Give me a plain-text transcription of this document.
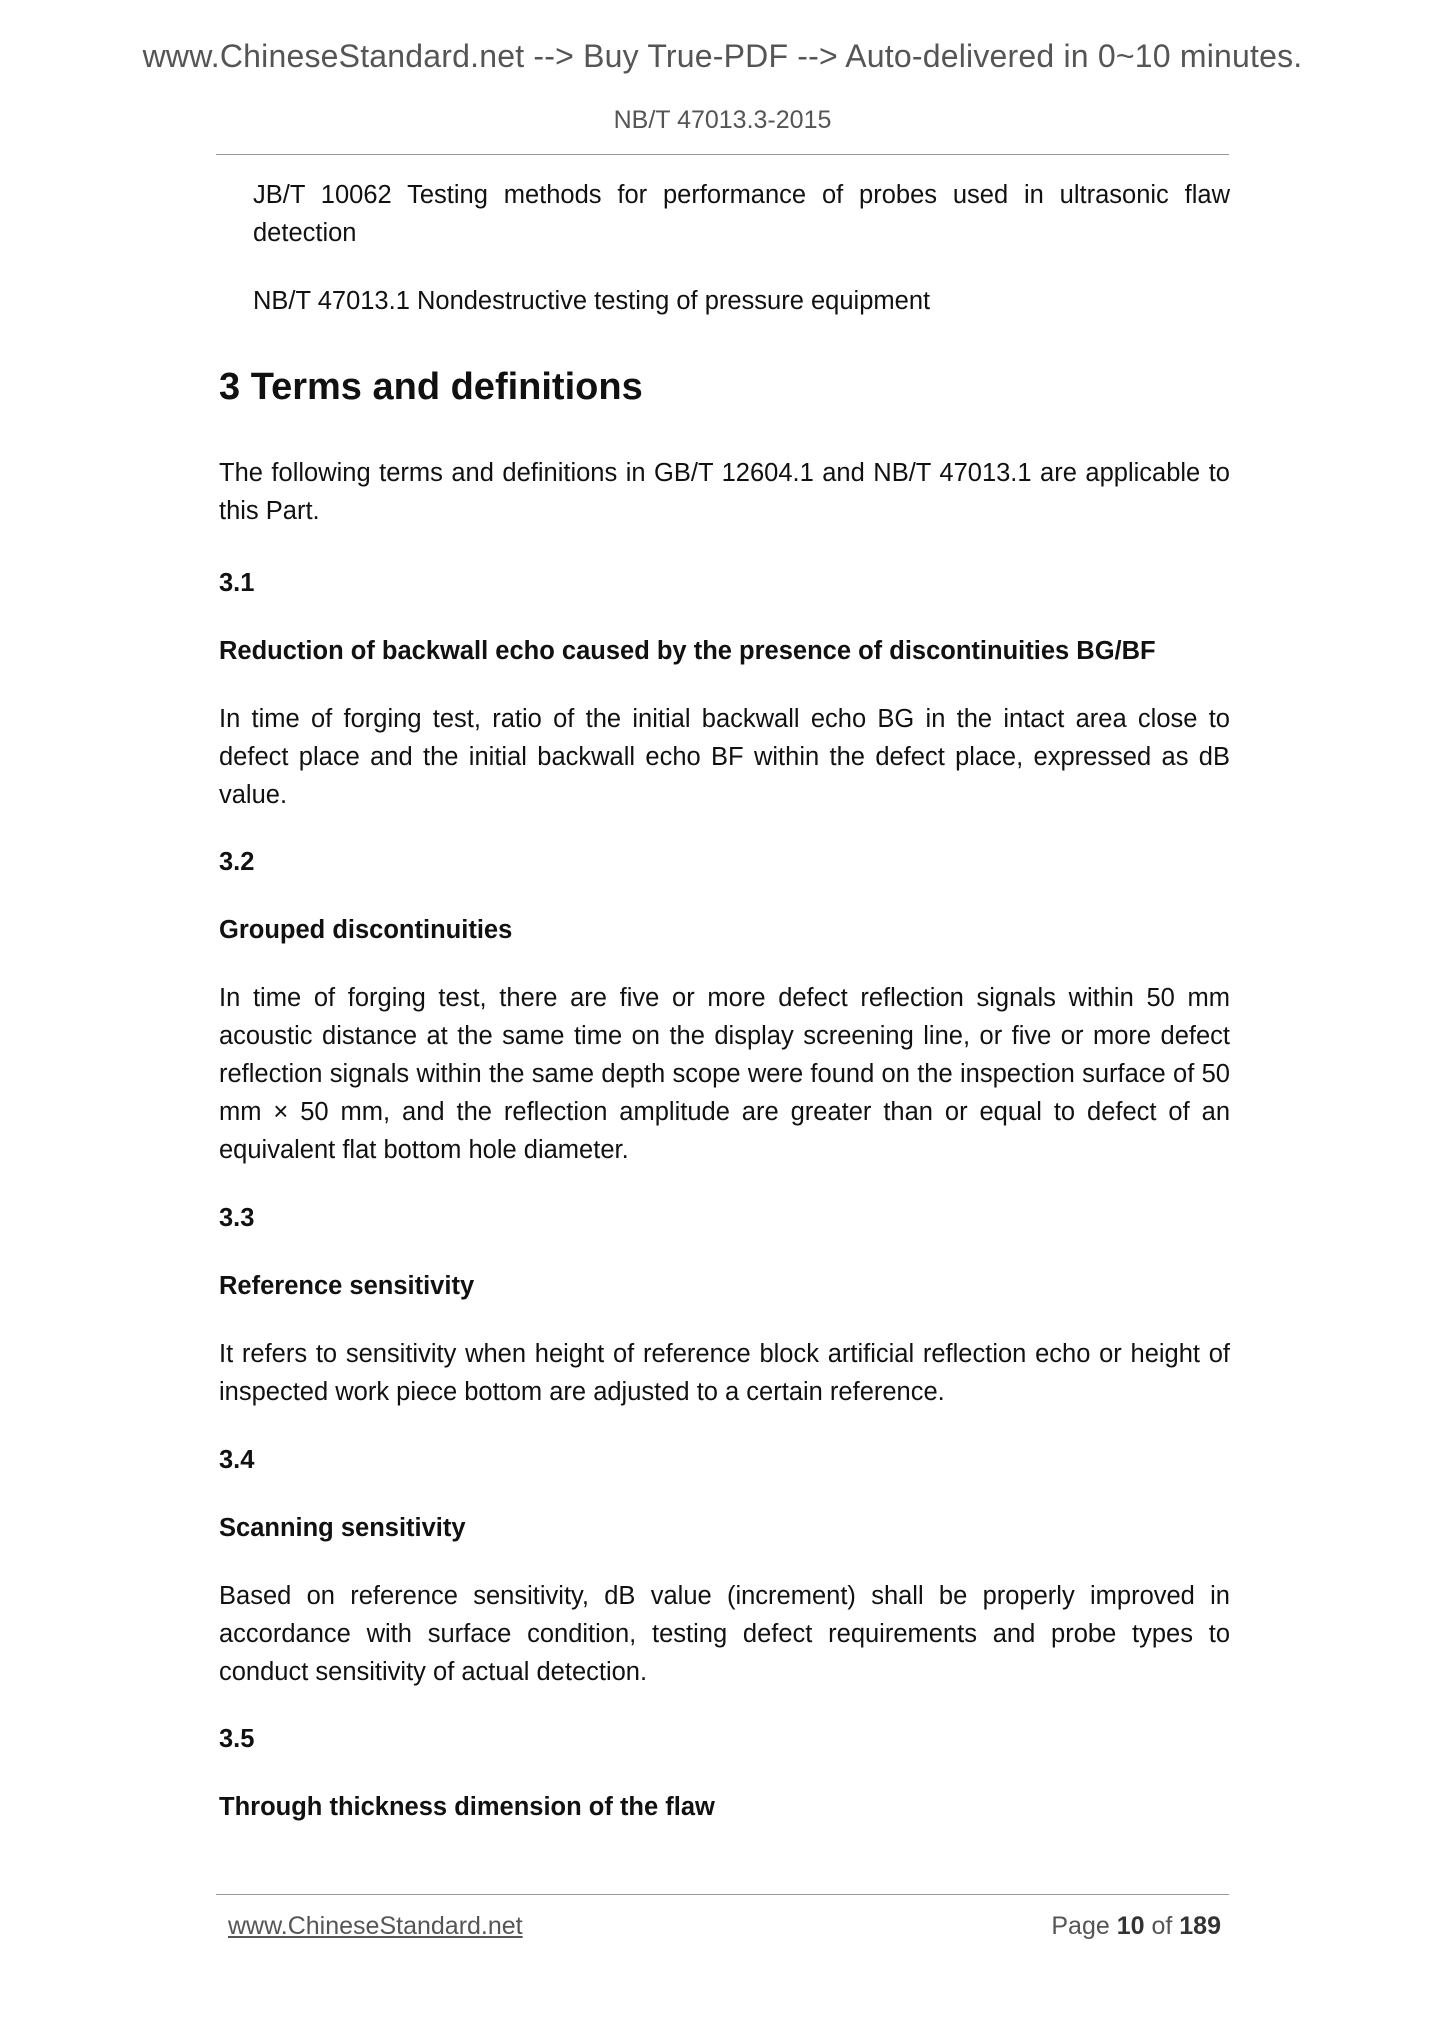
www.ChineseStandard.net --> Buy True-PDF --> Auto-delivered in 0~10 minutes.
NB/T 47013.3-2015
JB/T 10062 Testing methods for performance of probes used in ultrasonic flaw detection
NB/T 47013.1 Nondestructive testing of pressure equipment
3 Terms and definitions
The following terms and definitions in GB/T 12604.1 and NB/T 47013.1 are applicable to this Part.
3.1
Reduction of backwall echo caused by the presence of discontinuities BG/BF
In time of forging test, ratio of the initial backwall echo BG in the intact area close to defect place and the initial backwall echo BF within the defect place, expressed as dB value.
3.2
Grouped discontinuities
In time of forging test, there are five or more defect reflection signals within 50 mm acoustic distance at the same time on the display screening line, or five or more defect reflection signals within the same depth scope were found on the inspection surface of 50 mm × 50 mm, and the reflection amplitude are greater than or equal to defect of an equivalent flat bottom hole diameter.
3.3
Reference sensitivity
It refers to sensitivity when height of reference block artificial reflection echo or height of inspected work piece bottom are adjusted to a certain reference.
3.4
Scanning sensitivity
Based on reference sensitivity, dB value (increment) shall be properly improved in accordance with surface condition, testing defect requirements and probe types to conduct sensitivity of actual detection.
3.5
Through thickness dimension of the flaw
www.ChineseStandard.net	Page 10 of 189
